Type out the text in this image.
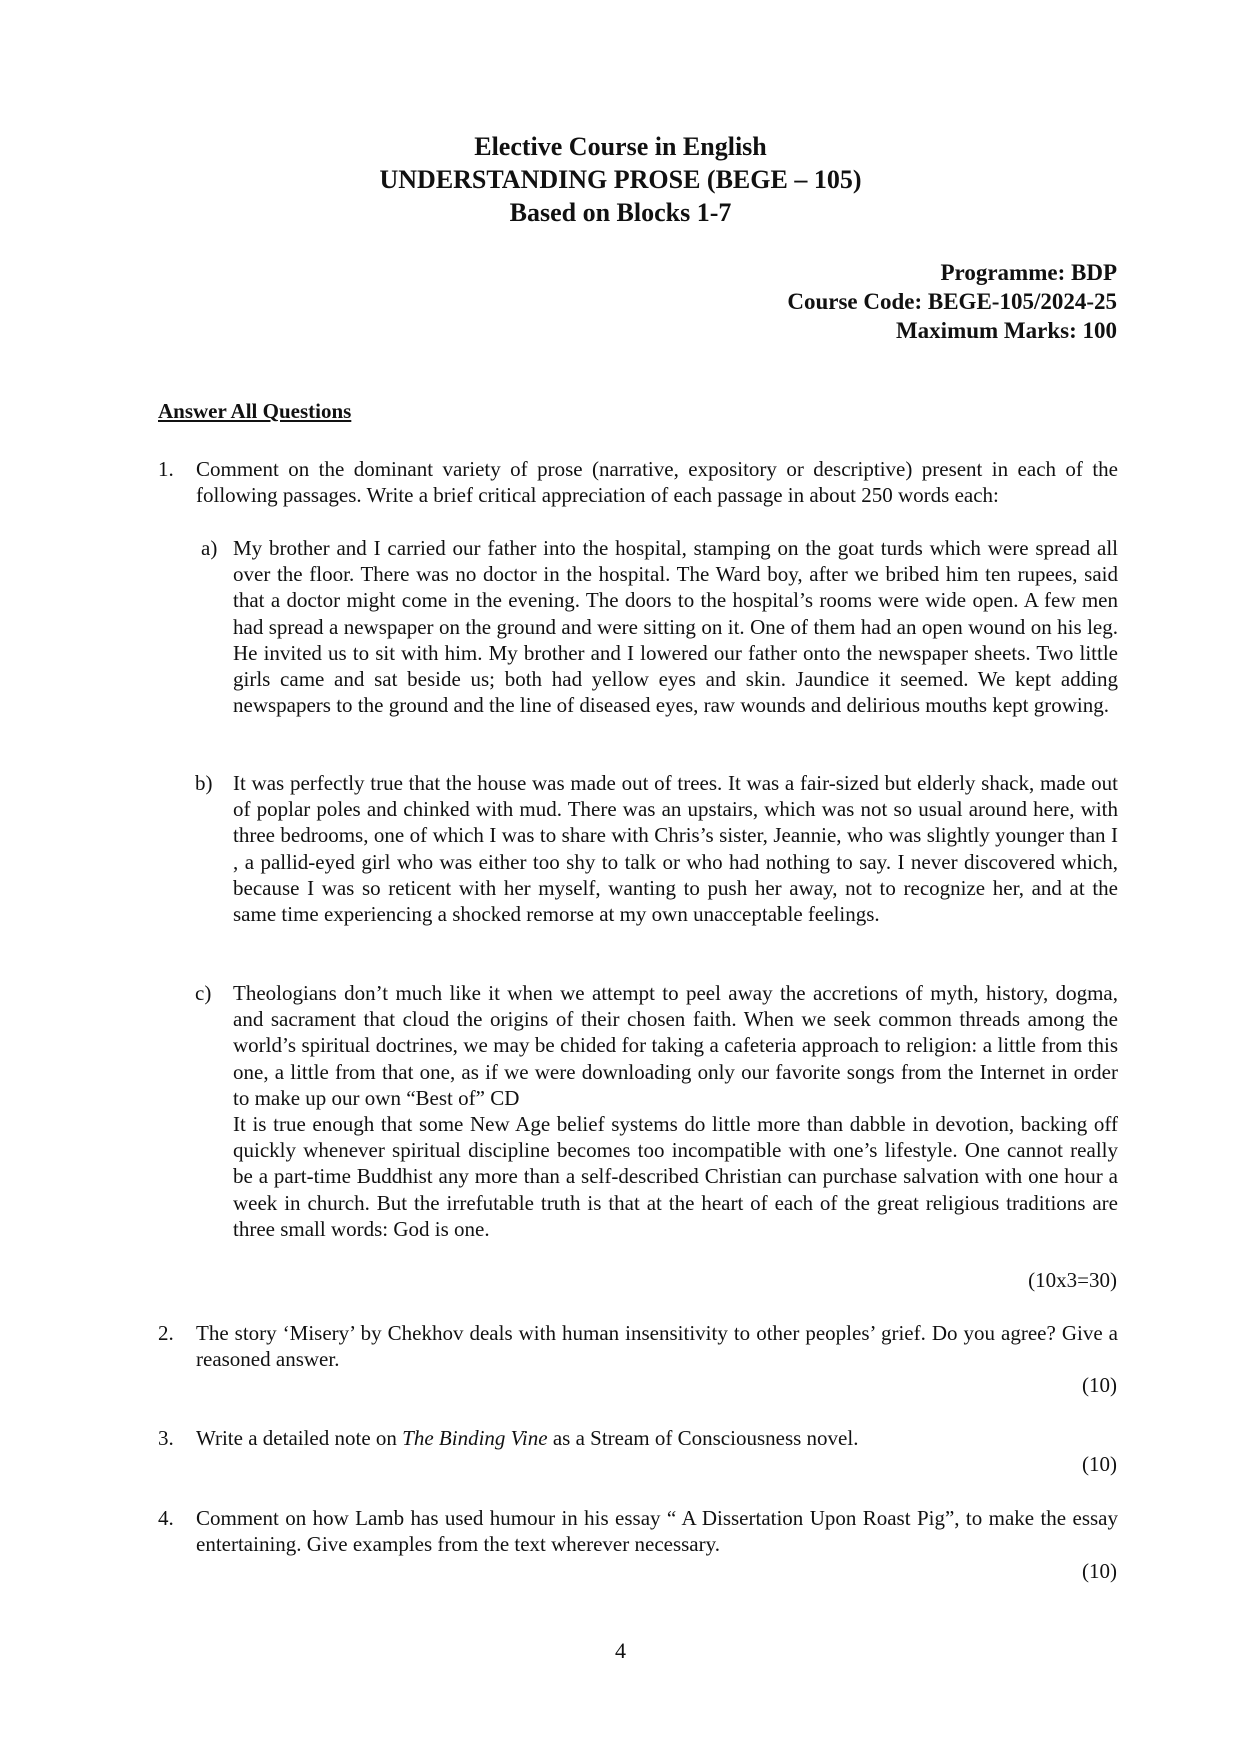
Elective Course in English
UNDERSTANDING PROSE (BEGE – 105)
Based on Blocks 1-7
Programme: BDP
Course Code: BEGE-105/2024-25
Maximum Marks: 100
Answer All Questions
1. Comment on the dominant variety of prose (narrative, expository or descriptive) present in each of the following passages. Write a brief critical appreciation of each passage in about 250 words each:
a) My brother and I carried our father into the hospital, stamping on the goat turds which were spread all over the floor. There was no doctor in the hospital. The Ward boy, after we bribed him ten rupees, said that a doctor might come in the evening. The doors to the hospital’s rooms were wide open. A few men had spread a newspaper on the ground and were sitting on it. One of them had an open wound on his leg. He invited us to sit with him. My brother and I lowered our father onto the newspaper sheets. Two little girls came and sat beside us; both had yellow eyes and skin. Jaundice it seemed. We kept adding newspapers to the ground and the line of diseased eyes, raw wounds and delirious mouths kept growing.
b) It was perfectly true that the house was made out of trees. It was a fair-sized but elderly shack, made out of poplar poles and chinked with mud. There was an upstairs, which was not so usual around here, with three bedrooms, one of which I was to share with Chris’s sister, Jeannie, who was slightly younger than I , a pallid-eyed girl who was either too shy to talk or who had nothing to say. I never discovered which, because I was so reticent with her myself, wanting to push her away, not to recognize her, and at the same time experiencing a shocked remorse at my own unacceptable feelings.
c) Theologians don’t much like it when we attempt to peel away the accretions of myth, history, dogma, and sacrament that cloud the origins of their chosen faith. When we seek common threads among the world’s spiritual doctrines, we may be chided for taking a cafeteria approach to religion: a little from this one, a little from that one, as if we were downloading only our favorite songs from the Internet in order to make up our own “Best of” CD

It is true enough that some New Age belief systems do little more than dabble in devotion, backing off quickly whenever spiritual discipline becomes too incompatible with one’s lifestyle. One cannot really be a part-time Buddhist any more than a self-described Christian can purchase salvation with one hour a week in church. But the irrefutable truth is that at the heart of each of the great religious traditions are three small words: God is one.

(10x3=30)
2. The story ‘Misery’ by Chekhov deals with human insensitivity to other peoples’ grief. Do you agree? Give a reasoned answer.
(10)
3. Write a detailed note on The Binding Vine as a Stream of Consciousness novel.
(10)
4. Comment on how Lamb has used humour in his essay “ A Dissertation Upon Roast Pig”, to make the essay entertaining. Give examples from the text wherever necessary.
(10)
4
